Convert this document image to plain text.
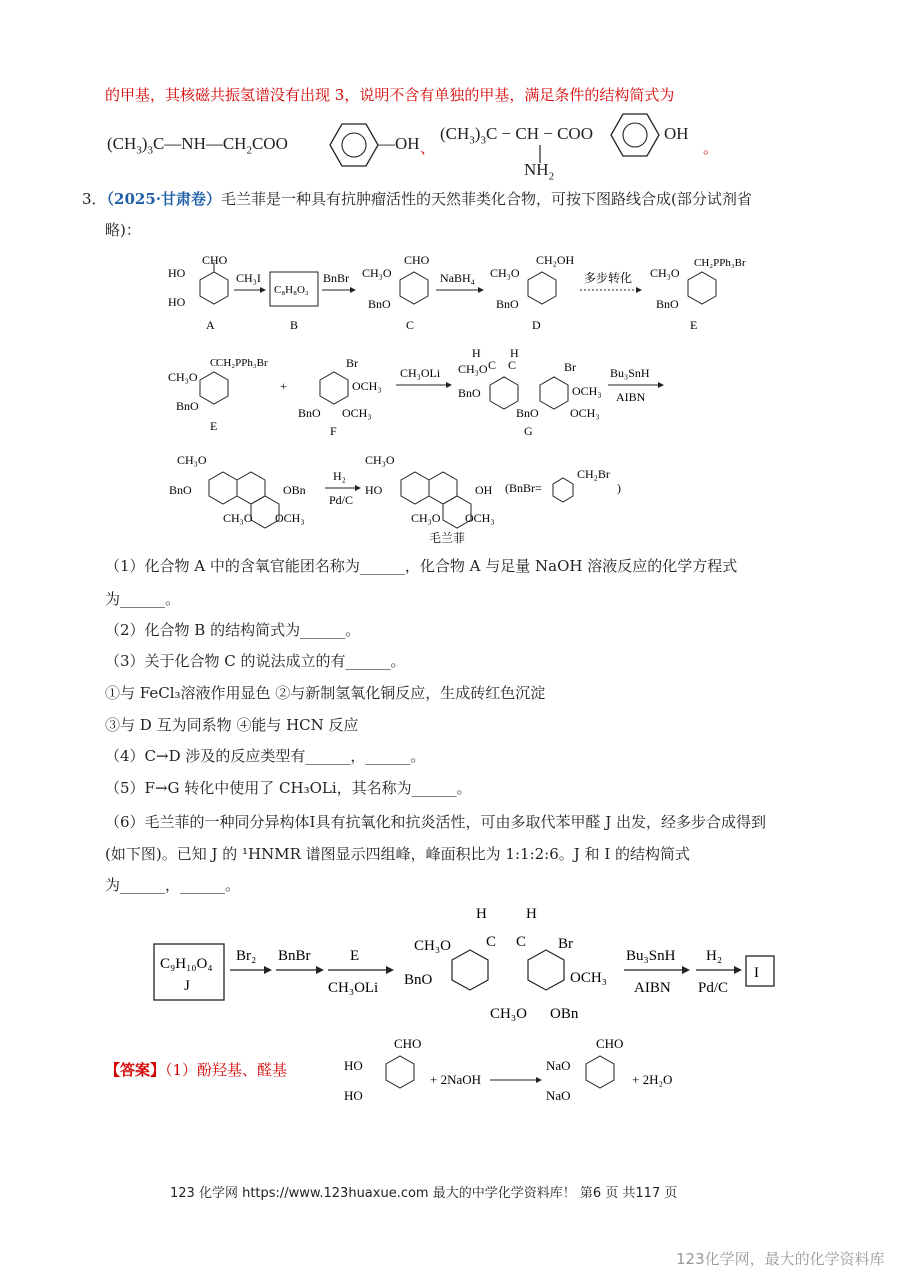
的甲基，其核磁共振氢谱没有出现 3，说明不含有单独的甲基，满足条件的结构简式为
$(CH_3)_3C—NH—CH_2COO$	—OH 、
$(CH_3)_3C$ − CH − COO	OH
$NH_2$
。
3．（2025·甘肃卷）毛兰菲是一种具有抗肿瘤活性的天然菲类化合物，可按下图路线合成(部分试剂省
略)：
CHO
HO
HO
A
CH₃I
C₈H₈O₃
B
BnBr
CHO
CH₃O
BnO
C
NaBH₄
CH₂OH
CH₃O
BnO
D
多步转化
CH₂PPh₃Br
CH₃O
BnO
E
C
CH₂PPh₃Br
CH₃O
BnO
E
+
Br
OCH₃
OCH₃
BnO
F
CH₃OLi
H H
C C
CH₃O
BnO
Br
OCH₃
OCH₃
BnO
G
Bu₃SnH
AIBN
CH₃O
BnO	OBn
CH₃O OCH₃
H₂
Pd/C
CH₃O
HO	OH
CH₃O OCH₃
毛兰菲
(BnBr=
CH₂Br
)
（1）化合物 A 中的含氧官能团名称为______，化合物 A 与足量 NaOH 溶液反应的化学方程式
为______。
（2）化合物 B 的结构简式为______。
（3）关于化合物 C 的说法成立的有______。
①与 FeCl₃溶液作用显色 ②与新制氢氧化铜反应，生成砖红色沉淀
③与 D 互为同系物 ④能与 HCN 反应
（4）C→D 涉及的反应类型有______，______。
（5）F→G 转化中使用了 CH₃OLi，其名称为______。
（6）毛兰菲的一种同分异构体I具有抗氧化和抗炎活性，可由多取代苯甲醛 J 出发，经多步合成得到
(如下图)。已知 J 的 ¹HNMR 谱图显示四组峰，峰面积比为 1:1:2:6。J 和 I 的结构简式
为______，______。
C₉H₁₀O₄
J
Br₂ BnBr	E
CH₃OLi
CH₃O
BnO
H	H
C C Br
OCH₃
CH₃O OBn
Bu₃SnH
AIBN
H₂
Pd/C
I
【答案】（1）酚羟基、醛基
CHO
HO
HO
+ 2NaOH
CHO
NaO
NaO
+ 2H₂O
123 化学网 https://www.123huaxue.com 最大的中学化学资料库！ 第6 页 共117 页
123化学网，最大的化学资料库
